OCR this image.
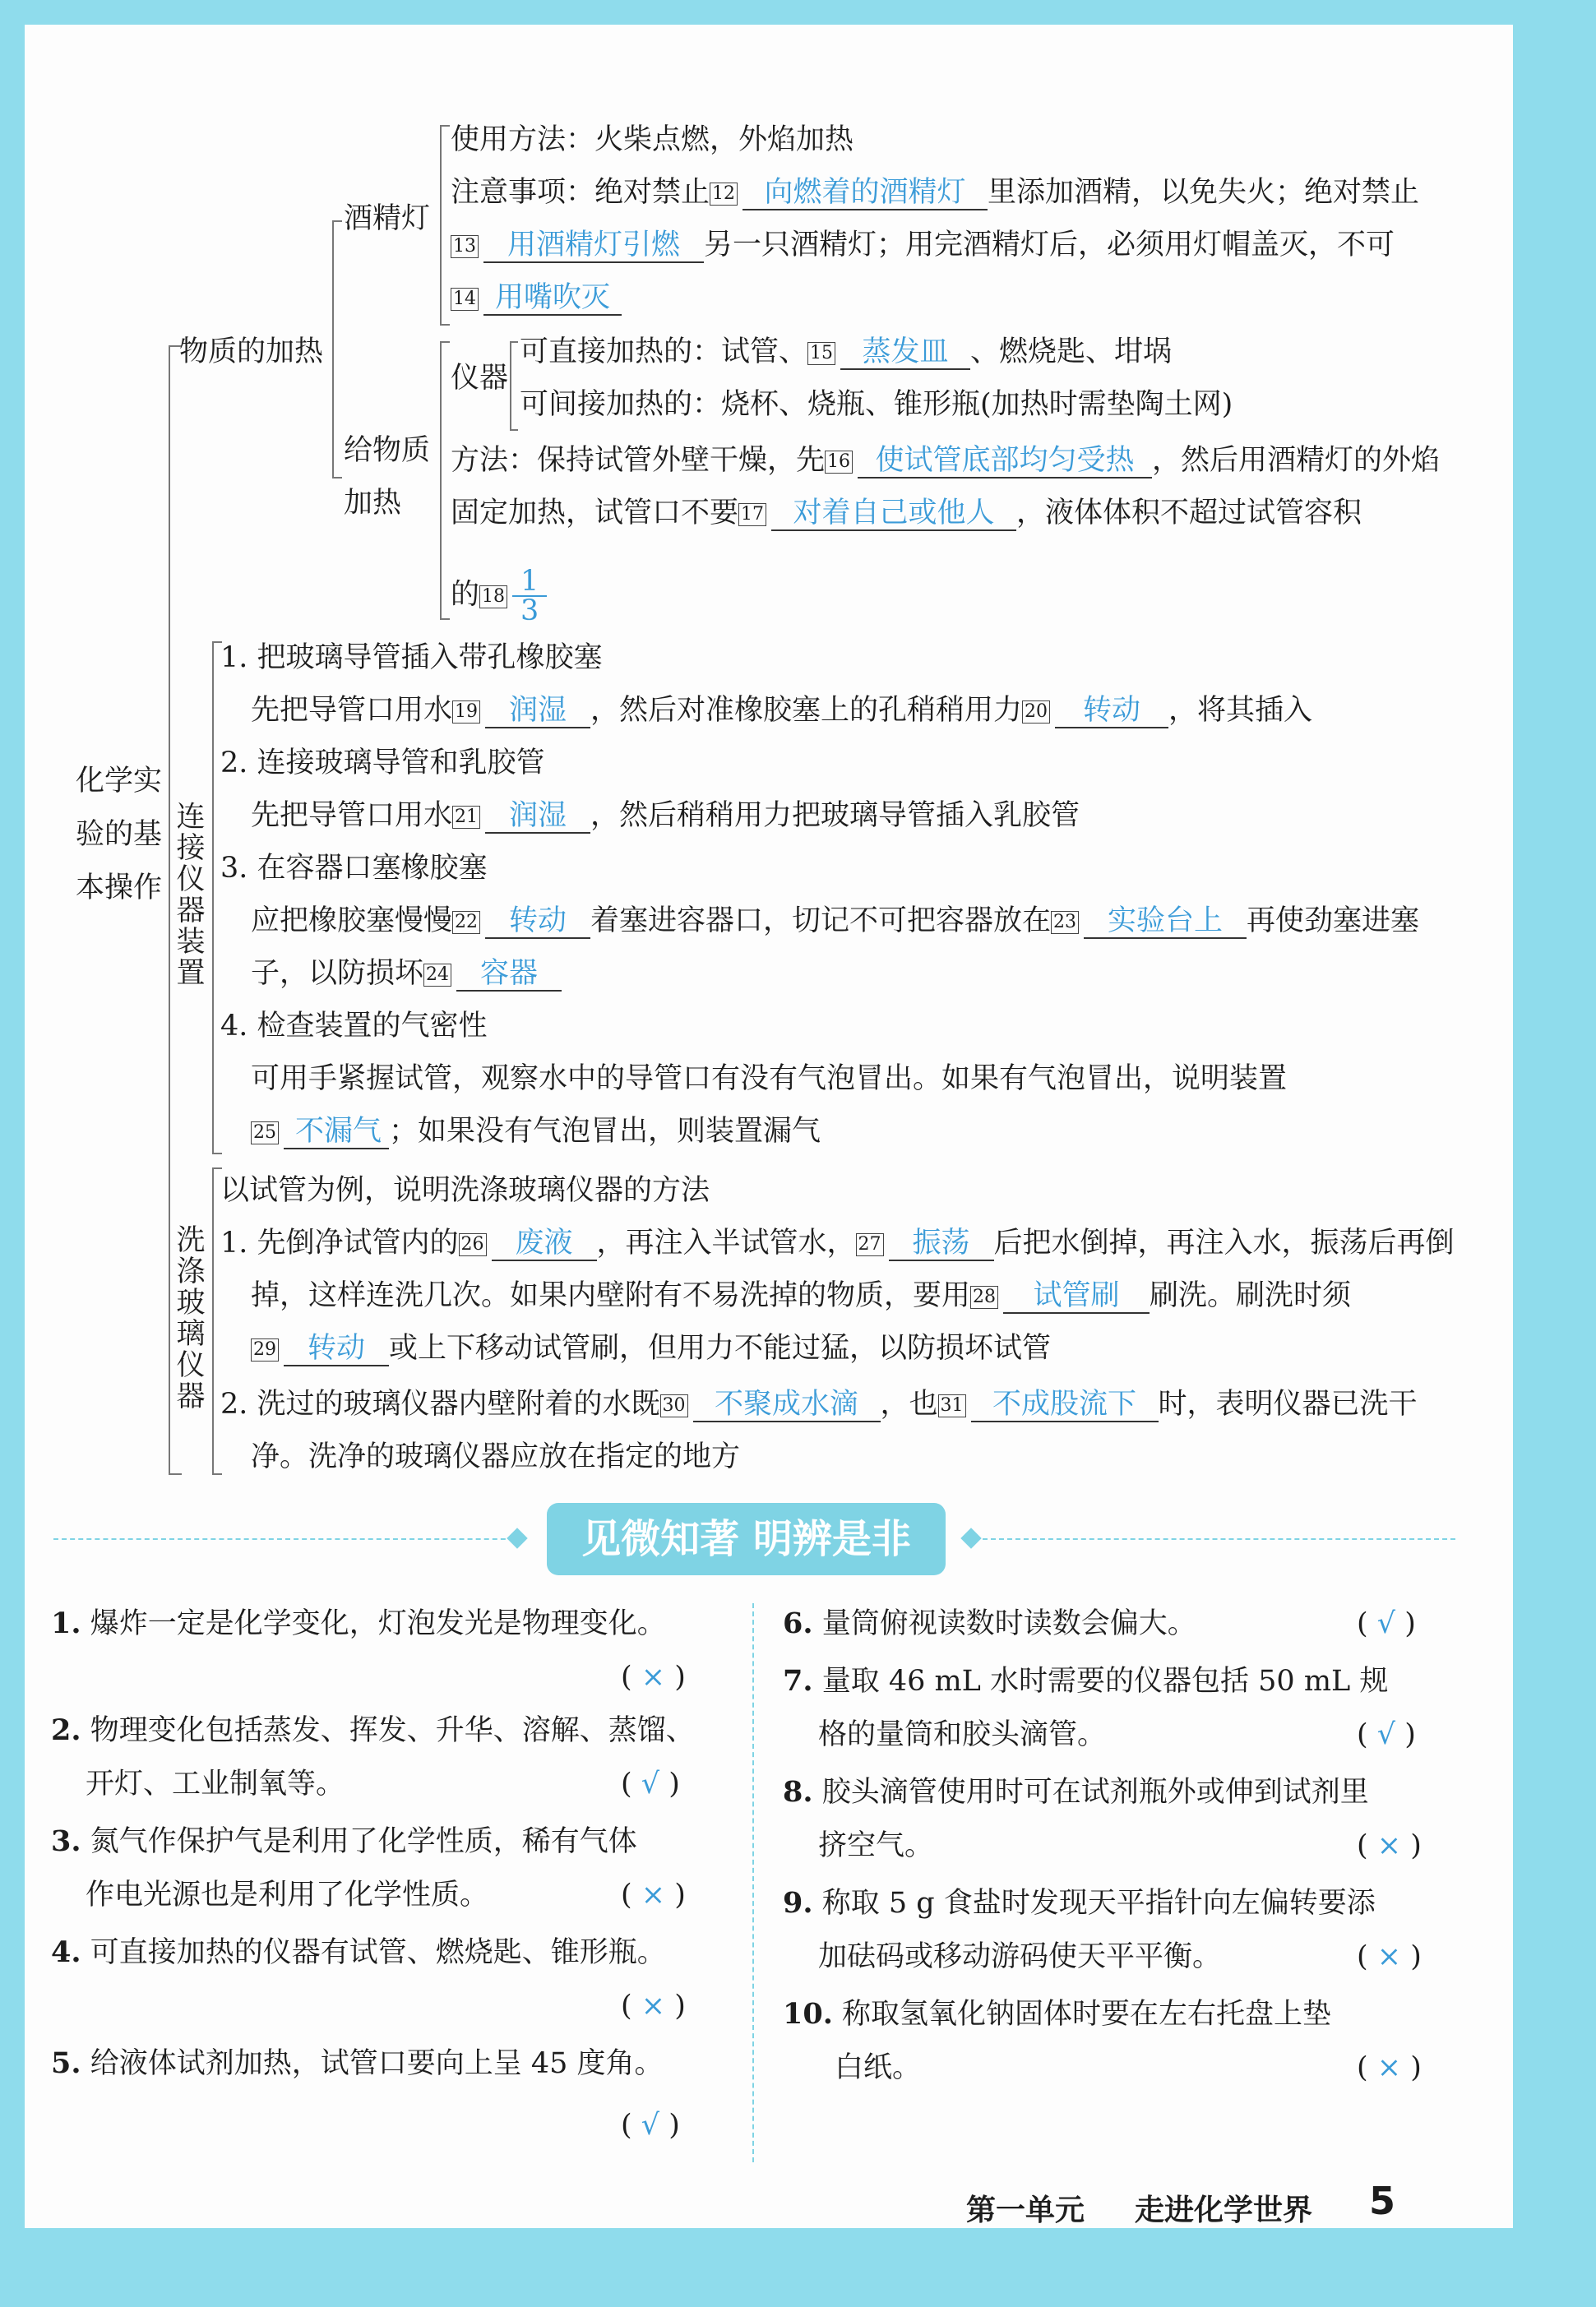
化学实
验的基
本操作
物质的加热
酒精灯
使用方法：火柴点燃，外焰加热
注意事项：绝对禁止 12 向燃着的酒精灯 里添加酒精，以免失火；绝对禁止
13 用酒精灯引燃 另一只酒精灯；用完酒精灯后，必须用灯帽盖灭，不可
14 用嘴吹灭
给物质
加热
仪器
可直接加热的：试管、 15 蒸发皿 、燃烧匙、坩埚
可间接加热的：烧杯、烧瓶、锥形瓶(加热时需垫陶土网)
方法：保持试管外壁干燥，先 16 使试管底部均匀受热 ，然后用酒精灯的外焰
固定加热，试管口不要 17 对着自己或他人 ，液体体积不超过试管容积
的 $18 \frac{1}{3}$
连
接
仪
器
装
置
1. 把玻璃导管插入带孔橡胶塞
先把导管口用水 19 润湿 ，然后对准橡胶塞上的孔稍稍用力 20 转动 ，将其插入
2. 连接玻璃导管和乳胶管
先把导管口用水 21 润湿 ，然后稍稍用力把玻璃导管插入乳胶管
3. 在容器口塞橡胶塞
应把橡胶塞慢慢 22 转动 着塞进容器口，切记不可把容器放在 23 实验台上 再使劲塞进塞
子，以防损坏 24 容器
4. 检查装置的气密性
可用手紧握试管，观察水中的导管口有没有气泡冒出。如果有气泡冒出，说明装置
25 不漏气 ；如果没有气泡冒出，则装置漏气
洗
涤
玻
璃
仪
器
以试管为例，说明洗涤玻璃仪器的方法
1. 先倒净试管内的 26 废液 ，再注入半试管水， 27 振荡 后把水倒掉，再注入水，振荡后再倒
掉，这样连洗几次。如果内壁附有不易洗掉的物质，要用 28 试管刷 刷洗。刷洗时须
29 转动 或上下移动试管刷，但用力不能过猛，以防损坏试管
2. 洗过的玻璃仪器内壁附着的水既 30 不聚成水滴 ，也 31 不成股流下 时，表明仪器已洗干
净。洗净的玻璃仪器应放在指定的地方
见微知著 明辨是非
1. 爆炸一定是化学变化，灯泡发光是物理变化。
( × )
2. 物理变化包括蒸发、挥发、升华、溶解、蒸馏、
开灯、工业制氧等。	( √ )
3. 氮气作保护气是利用了化学性质，稀有气体
作电光源也是利用了化学性质。	( × )
4. 可直接加热的仪器有试管、燃烧匙、锥形瓶。
( × )
5. 给液体试剂加热，试管口要向上呈 45 度角。
( √ )
6. 量筒俯视读数时读数会偏大。	( √ )
7. 量取 46 mL 水时需要的仪器包括 50 mL 规
格的量筒和胶头滴管。	( √ )
8. 胶头滴管使用时可在试剂瓶外或伸到试剂里
挤空气。	( × )
9. 称取 5 g 食盐时发现天平指针向左偏转要添
加砝码或移动游码使天平平衡。	( × )
10. 称取氢氧化钠固体时要在左右托盘上垫
白纸。	( × )
第一单元 走进化学世界 5
